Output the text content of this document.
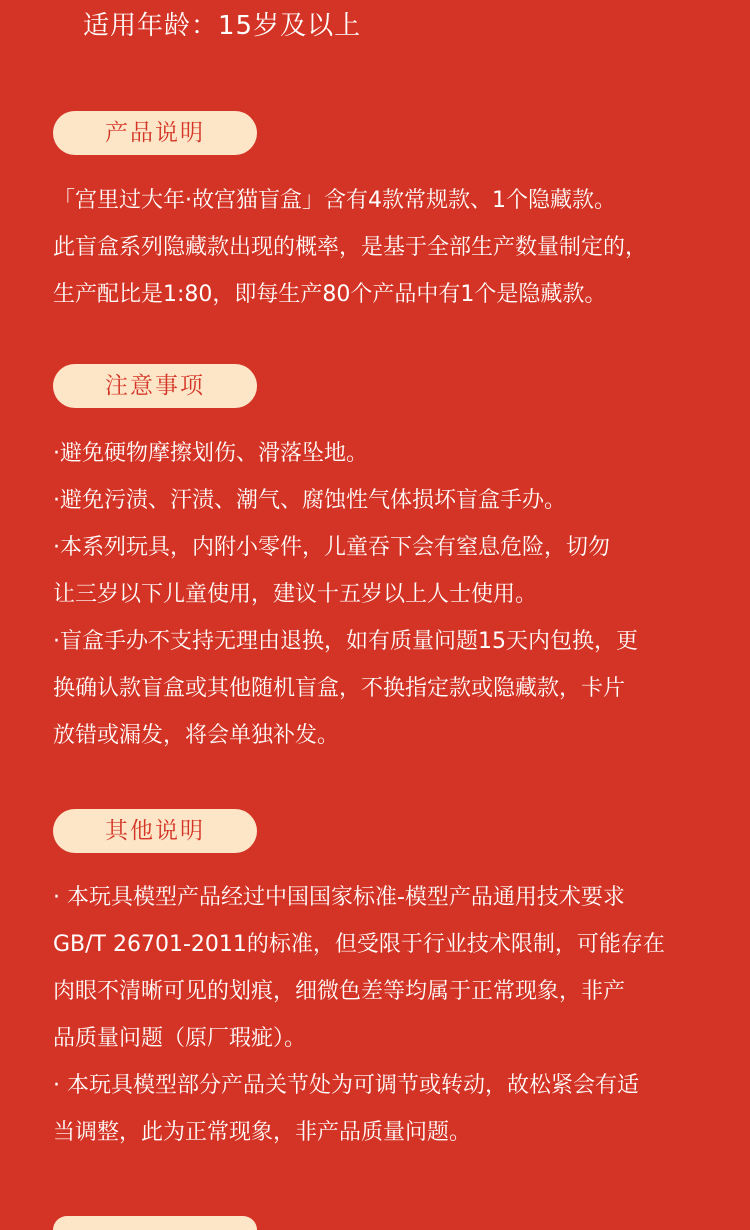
适用年龄：15岁及以上
产品说明
「宫里过大年·故宫猫盲盒」含有4款常规款、1个隐藏款。
此盲盒系列隐藏款出现的概率，是基于全部生产数量制定的，
生产配比是1:80，即每生产80个产品中有1个是隐藏款。
注意事项
·避免硬物摩擦划伤、滑落坠地。
·避免污渍、汗渍、潮气、腐蚀性气体损坏盲盒手办。
·本系列玩具，内附小零件，儿童吞下会有窒息危险，切勿
让三岁以下儿童使用，建议十五岁以上人士使用。
·盲盒手办不支持无理由退换，如有质量问题15天内包换，更
换确认款盲盒或其他随机盲盒，不换指定款或隐藏款，卡片
放错或漏发，将会单独补发。
其他说明
· 本玩具模型产品经过中国国家标准-模型产品通用技术要求
GB/T 26701-2011的标准，但受限于行业技术限制，可能存在
肉眼不清晰可见的划痕，细微色差等均属于正常现象，非产
品质量问题（原厂瑕疵）。
· 本玩具模型部分产品关节处为可调节或转动，故松紧会有适
当调整，此为正常现象，非产品质量问题。
